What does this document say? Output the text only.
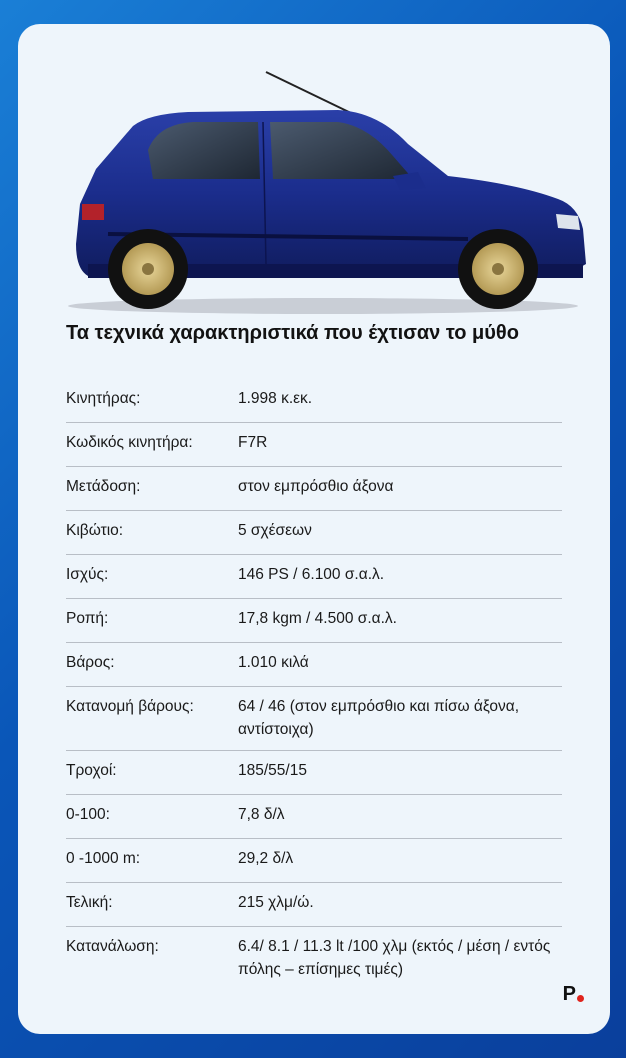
Τα τεχνικά χαρακτηριστικά που έχτισαν το μύθο
Κινητήρας:	1.998 κ.εκ.
Κωδικός κινητήρα:	F7R
Μετάδοση:	στον εμπρόσθιο άξονα
Κιβώτιο:	5 σχέσεων
Ισχύς:	146 PS / 6.100 σ.α.λ.
Ροπή:	17,8 kgm / 4.500 σ.α.λ.
Βάρος:	1.010 κιλά
Κατανομή βάρους:	64 / 46 (στον εμπρόσθιο και πίσω άξονα, αντίστοιχα)
Τροχοί:	185/55/15
0-100:	7,8 δ/λ
0 -1000 m:	29,2 δ/λ
Τελική:	215 χλμ/ώ.
Κατανάλωση:	6.4/ 8.1 / 11.3 lt /100 χλμ (εκτός / μέση / εντός πόλης – επίσημες τιμές)
P
